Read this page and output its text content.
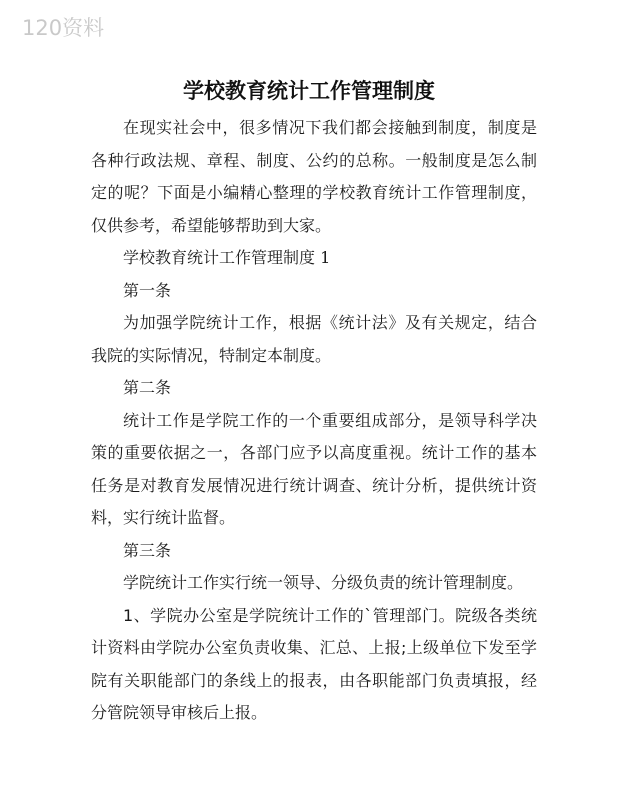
120资料
学校教育统计工作管理制度

在现实社会中，很多情况下我们都会接触到制度，制度是各种行政法规、章程、制度、公约的总称。一般制度是怎么制定的呢？下面是小编精心整理的学校教育统计工作管理制度，仅供参考，希望能够帮助到大家。

学校教育统计工作管理制度 1

第一条

为加强学院统计工作，根据《统计法》及有关规定，结合我院的实际情况，特制定本制度。

第二条

统计工作是学院工作的一个重要组成部分，是领导科学决策的重要依据之一，各部门应予以高度重视。统计工作的基本任务是对教育发展情况进行统计调查、统计分析，提供统计资料，实行统计监督。

第三条

学院统计工作实行统一领导、分级负责的统计管理制度。

1、学院办公室是学院统计工作的`管理部门。院级各类统计资料由学院办公室负责收集、汇总、上报;上级单位下发至学院有关职能部门的条线上的报表，由各职能部门负责填报，经分管院领导审核后上报。
